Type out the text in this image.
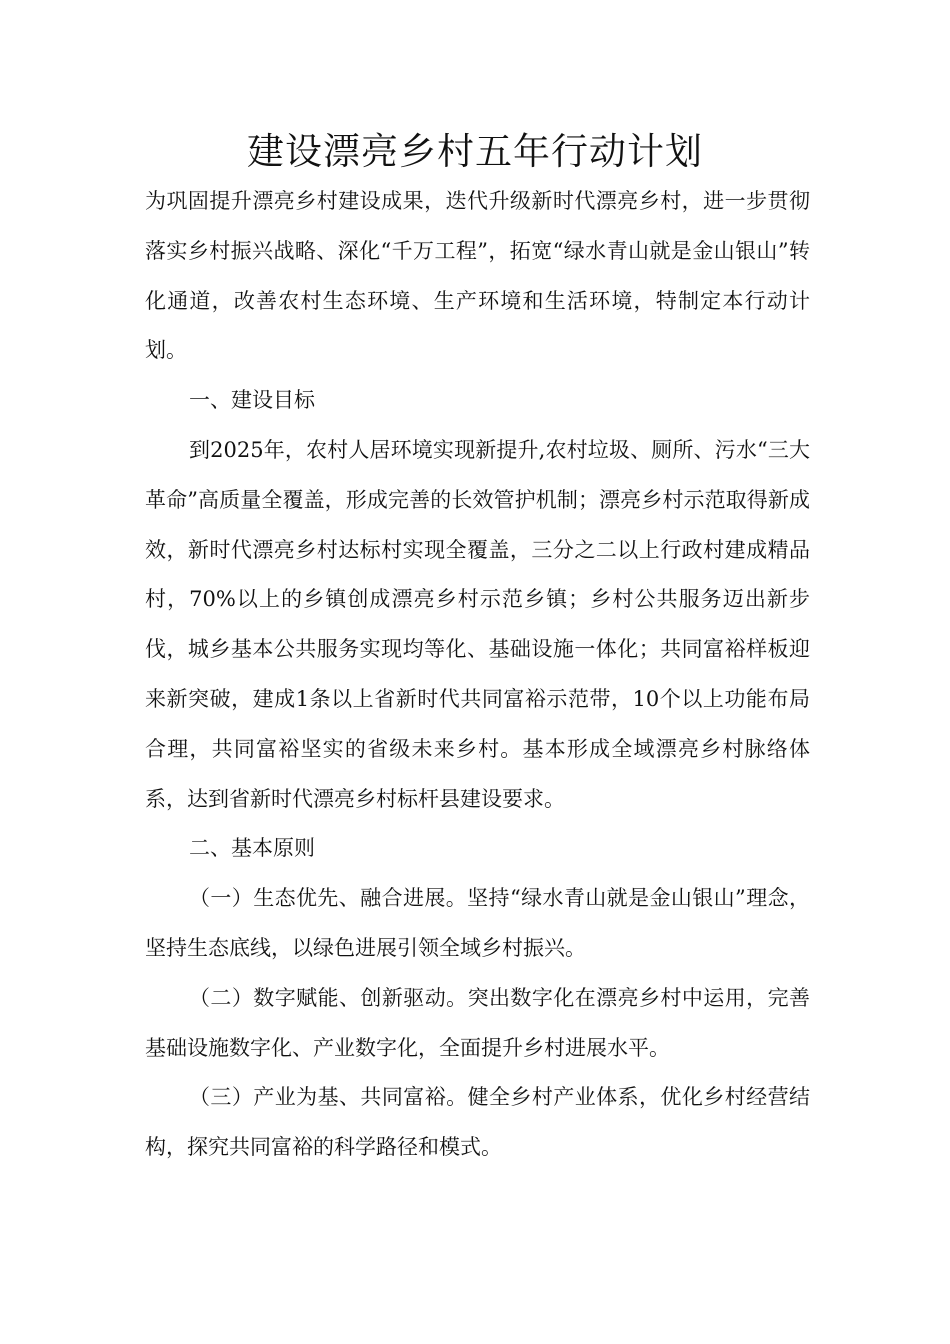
建设漂亮乡村五年行动计划

为巩固提升漂亮乡村建设成果，迭代升级新时代漂亮乡村，进一步贯彻落实乡村振兴战略、深化“千万工程”，拓宽“绿水青山就是金山银山”转化通道，改善农村生态环境、生产环境和生活环境，特制定本行动计划。

一、建设目标

到2025年，农村人居环境实现新提升,农村垃圾、厕所、污水“三大革命”高质量全覆盖，形成完善的长效管护机制；漂亮乡村示范取得新成效，新时代漂亮乡村达标村实现全覆盖，三分之二以上行政村建成精品村，70%以上的乡镇创成漂亮乡村示范乡镇；乡村公共服务迈出新步伐，城乡基本公共服务实现均等化、基础设施一体化；共同富裕样板迎来新突破，建成1条以上省新时代共同富裕示范带，10个以上功能布局合理，共同富裕坚实的省级未来乡村。基本形成全域漂亮乡村脉络体系，达到省新时代漂亮乡村标杆县建设要求。

二、基本原则

（一）生态优先、融合进展。坚持“绿水青山就是金山银山”理念，坚持生态底线，以绿色进展引领全域乡村振兴。

（二）数字赋能、创新驱动。突出数字化在漂亮乡村中运用，完善基础设施数字化、产业数字化，全面提升乡村进展水平。

（三）产业为基、共同富裕。健全乡村产业体系，优化乡村经营结构，探究共同富裕的科学路径和模式。
